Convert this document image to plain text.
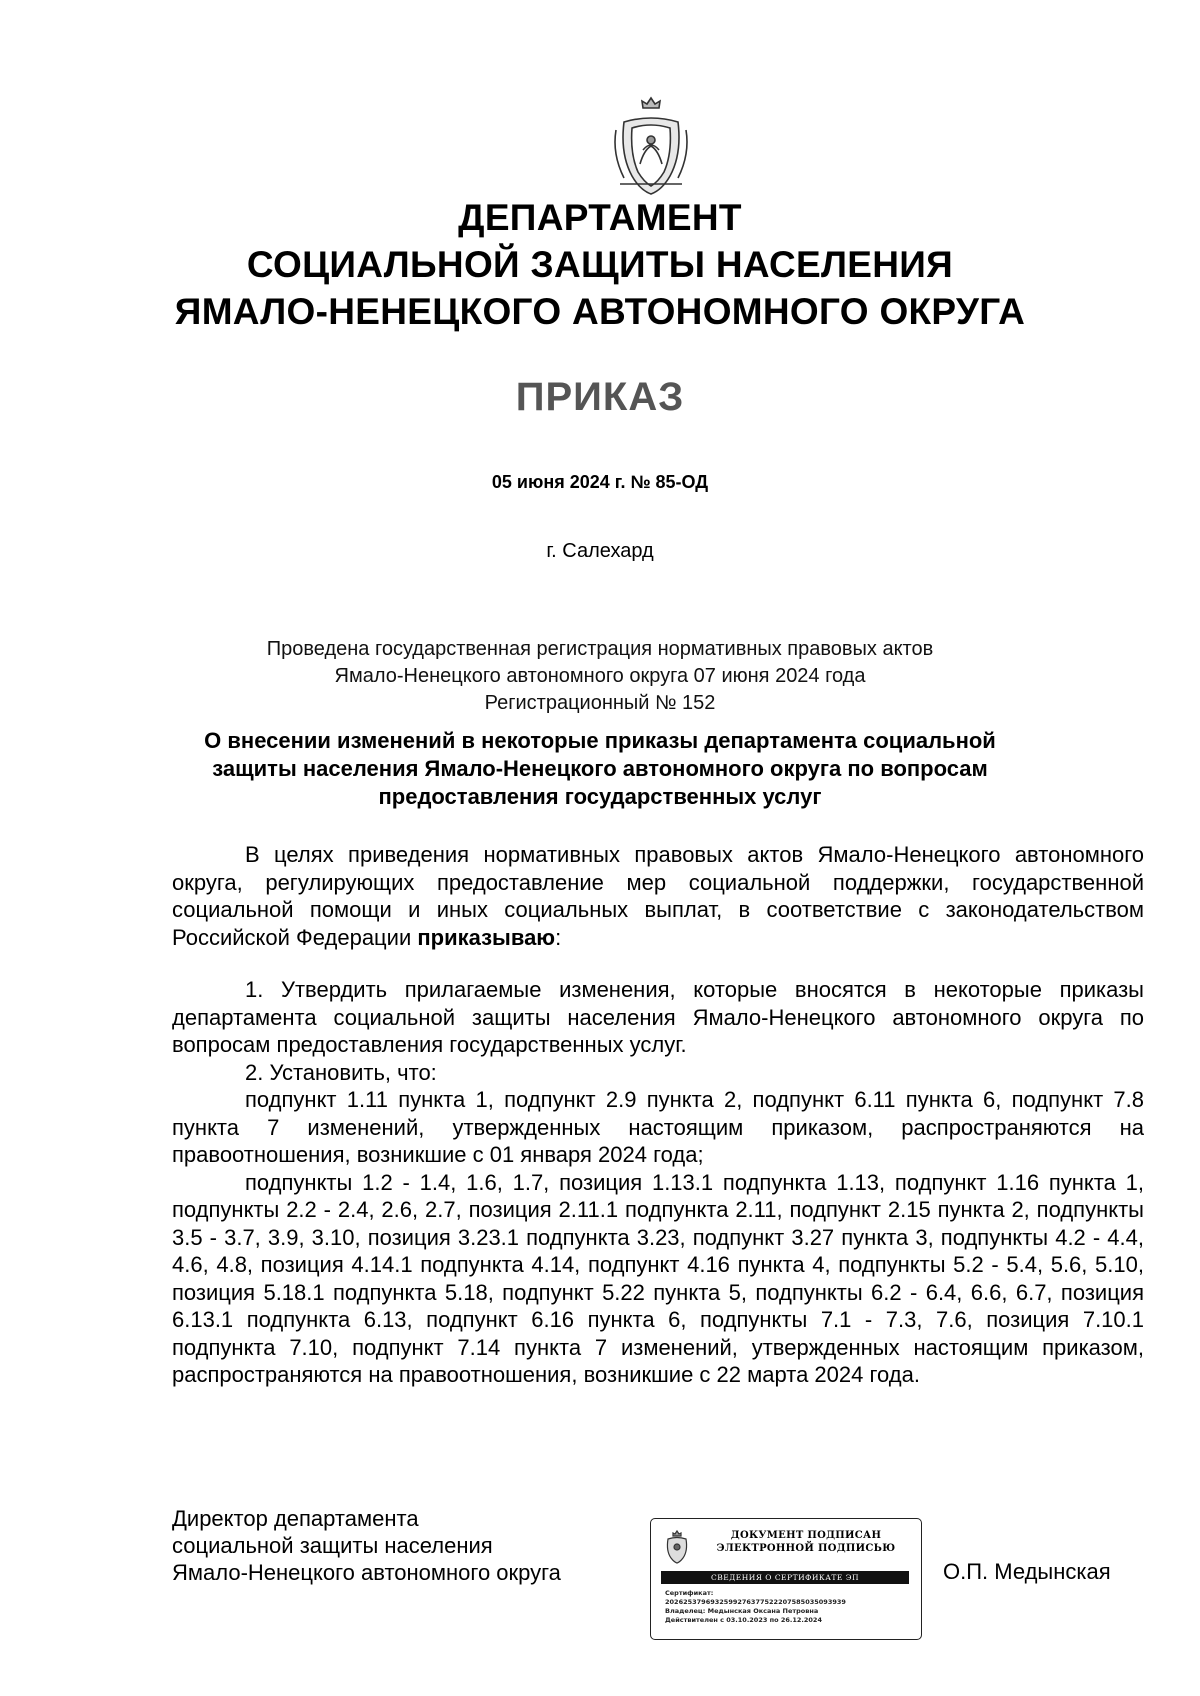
ДЕПАРТАМЕНТ
СОЦИАЛЬНОЙ ЗАЩИТЫ НАСЕЛЕНИЯ
ЯМАЛО-НЕНЕЦКОГО АВТОНОМНОГО ОКРУГА
ПРИКАЗ
05 июня 2024 г. № 85-ОД
г. Салехард
Проведена государственная регистрация нормативных правовых актов
Ямало-Ненецкого автономного округа 07 июня 2024 года
Регистрационный № 152
О внесении изменений в некоторые приказы департамента социальной
защиты населения Ямало-Ненецкого автономного округа по вопросам
предоставления государственных услуг

В целях приведения нормативных правовых актов Ямало-Ненецкого автономного округа, регулирующих предоставление мер социальной поддержки, государственной социальной помощи и иных социальных выплат, в соответствие с законодательством Российской Федерации приказываю:

1. Утвердить прилагаемые изменения, которые вносятся в некоторые приказы департамента социальной защиты населения Ямало-Ненецкого автономного округа по вопросам предоставления государственных услуг.

2. Установить, что:

подпункт 1.11 пункта 1, подпункт 2.9 пункта 2, подпункт 6.11 пункта 6, подпункт 7.8 пункта 7 изменений, утвержденных настоящим приказом, распространяются на правоотношения, возникшие с 01 января 2024 года;

подпункты 1.2 - 1.4, 1.6, 1.7, позиция 1.13.1 подпункта 1.13, подпункт 1.16 пункта 1, подпункты 2.2 - 2.4, 2.6, 2.7, позиция 2.11.1 подпункта 2.11, подпункт 2.15 пункта 2, подпункты 3.5 - 3.7, 3.9, 3.10, позиция 3.23.1 подпункта 3.23, подпункт 3.27 пункта 3, подпункты 4.2 - 4.4, 4.6, 4.8, позиция 4.14.1 подпункта 4.14, подпункт 4.16 пункта 4, подпункты 5.2 - 5.4, 5.6, 5.10, позиция 5.18.1 подпункта 5.18, подпункт 5.22 пункта 5, подпункты 6.2 - 6.4, 6.6, 6.7, позиция 6.13.1 подпункта 6.13, подпункт 6.16 пункта 6, подпункты 7.1 - 7.3, 7.6, позиция 7.10.1 подпункта 7.10, подпункт 7.14 пункта 7 изменений, утвержденных настоящим приказом, распространяются на правоотношения, возникшие с 22 марта 2024 года.

Директор департамента
социальной защиты населения
Ямало-Ненецкого автономного округа
ДОКУМЕНТ ПОДПИСАН
ЭЛЕКТРОННОЙ ПОДПИСЬЮ
СВЕДЕНИЯ О СЕРТИФИКАТЕ ЭП
Сертификат:
2026253796932599276377522207585035093939
Владелец: Медынская Оксана Петровна
Действителен с 03.10.2023 по 26.12.2024
О.П. Медынская
